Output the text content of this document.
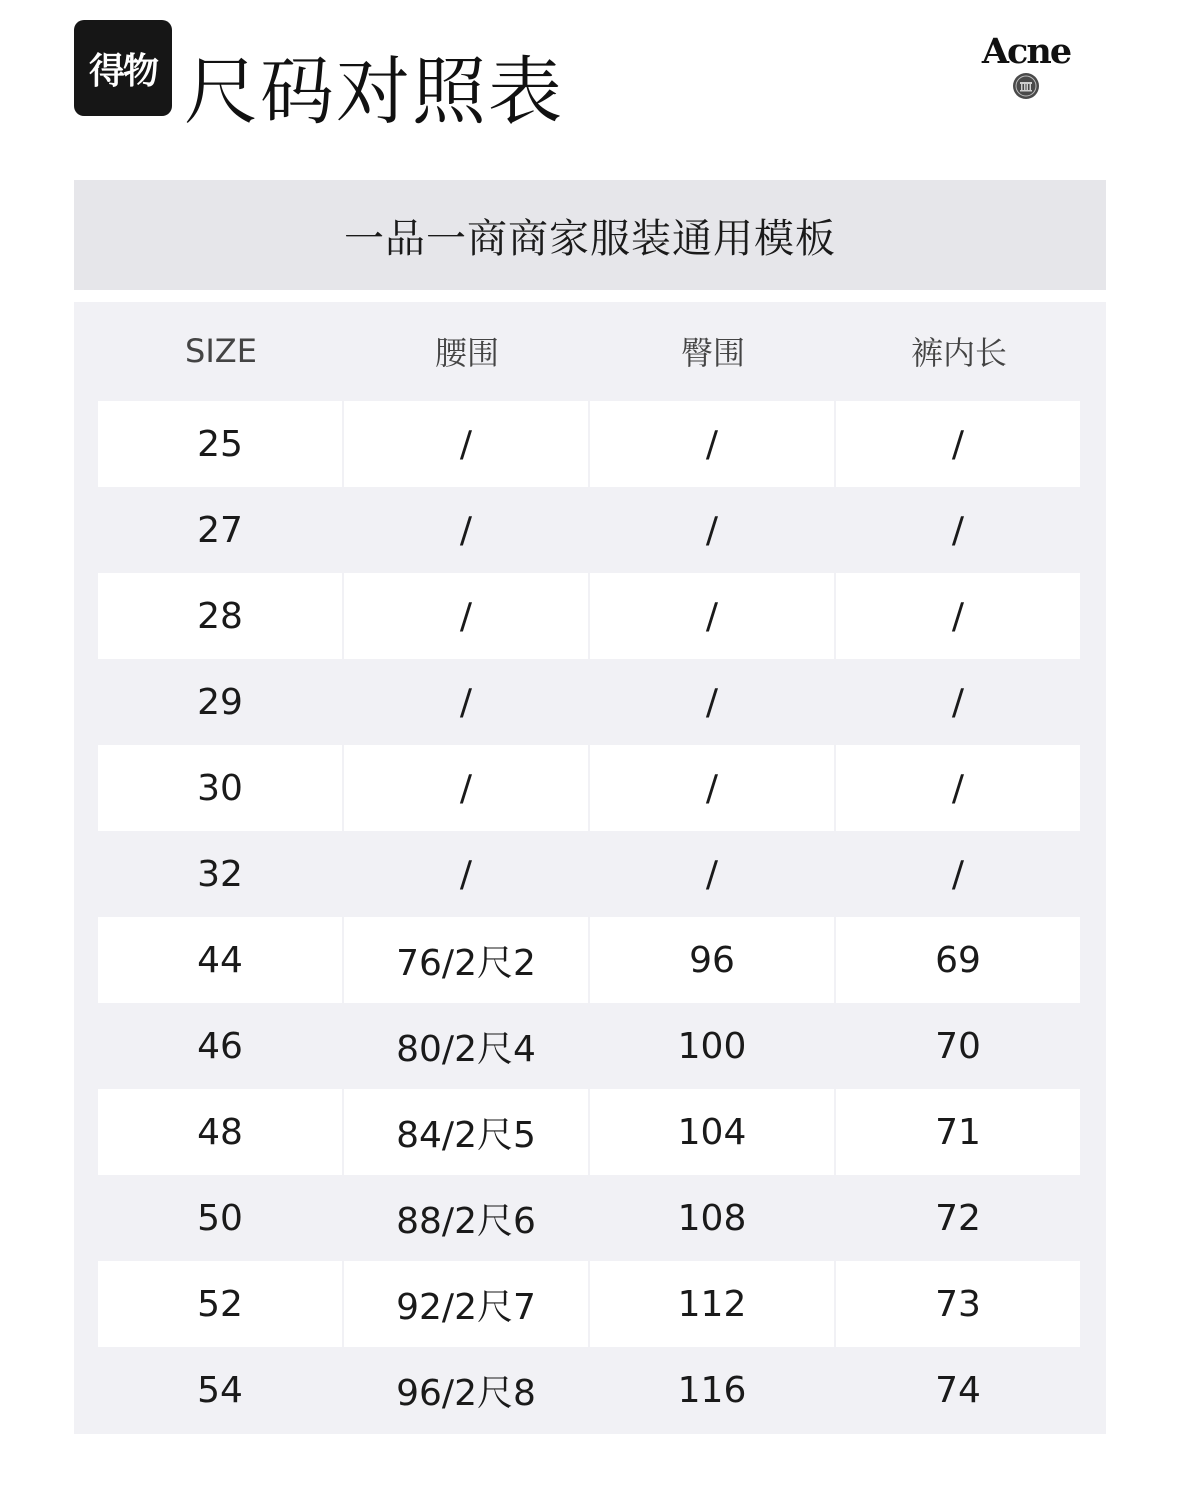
得物 尺码对照表	Acne
一品一商商家服装通用模板
SIZE	腰围	臀围	裤内长
25	/	/	/
27	/	/	/
28	/	/	/
29	/	/	/
30	/	/	/
32	/	/	/
44	76/2尺2	96	69
46	80/2尺4	100	70
48	84/2尺5	104	71
50	88/2尺6	108	72
52	92/2尺7	112	73
54	96/2尺8	116	74
